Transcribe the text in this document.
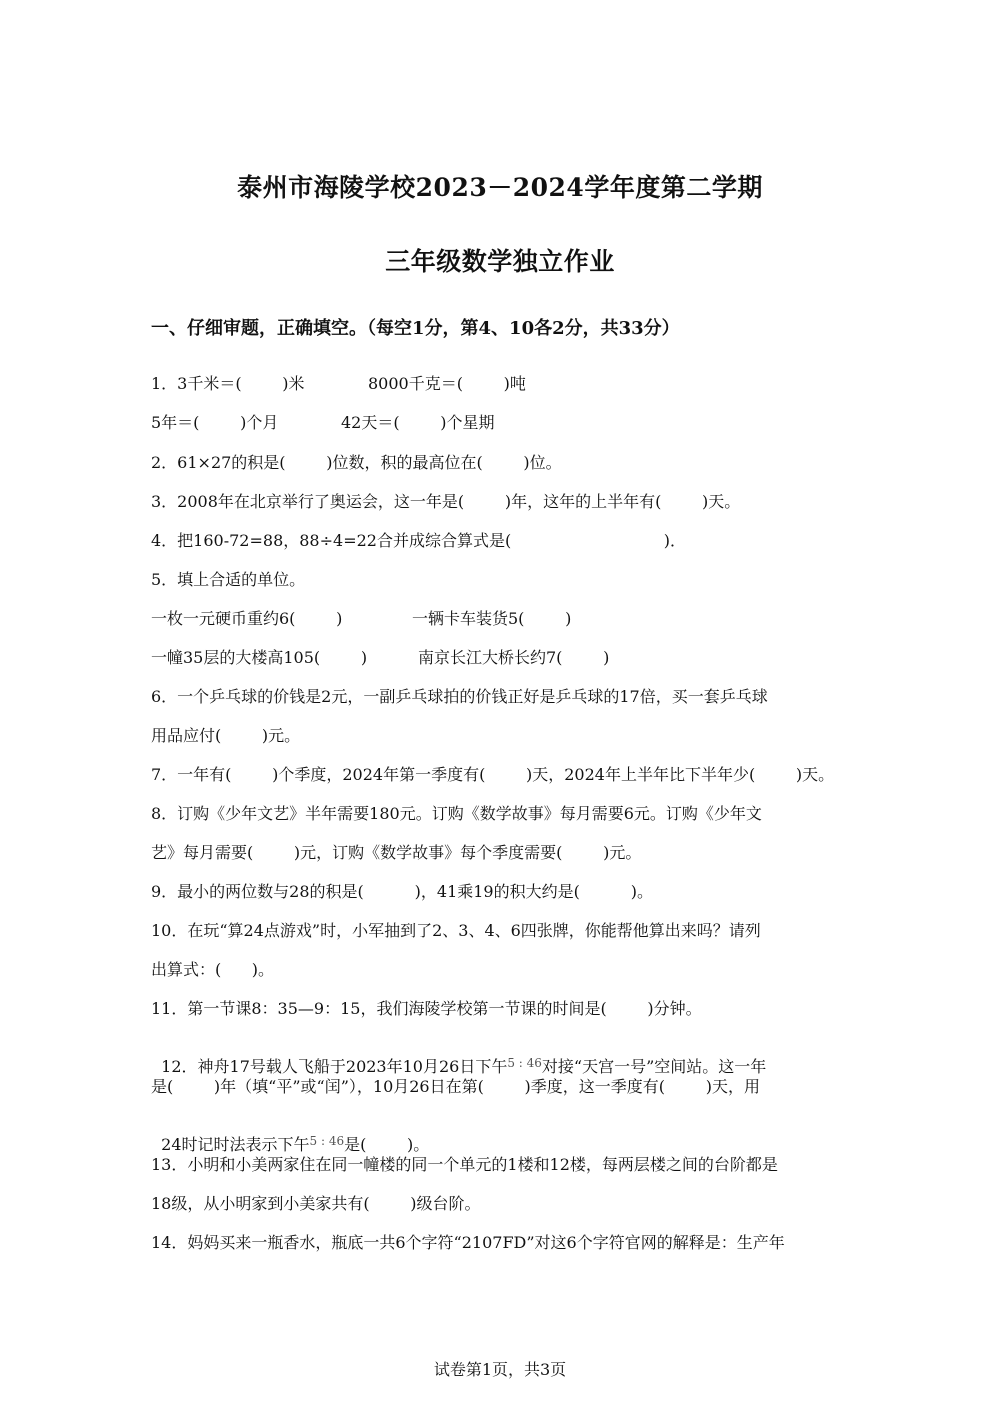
泰州市海陵学校2023－2024学年度第二学期
三年级数学独立作业
一、仔细审题，正确填空。（每空1分，第4、10各2分，共33分）
1．3千米＝(        )米	8000千克＝(        )吨
5年＝(        )个月	42天＝(        )个星期
2．61×27的积是(        )位数，积的最高位在(        )位。
3．2008年在北京举行了奥运会，这一年是(        )年，这年的上半年有(        )天。
4．把160-72=88，88÷4=22合并成综合算式是(                              )．
5．填上合适的单位。
一枚一元硬币重约6(        )	一辆卡车装货5(        )
一幢35层的大楼高105(        )	南京长江大桥长约7(        )
6．一个乒乓球的价钱是2元，一副乒乓球拍的价钱正好是乒乓球的17倍，买一套乒乓球
用品应付(        )元。
7．一年有(        )个季度，2024年第一季度有(        )天，2024年上半年比下半年少(        )天。
8．订购《少年文艺》半年需要180元。订购《数学故事》每月需要6元。订购《少年文
艺》每月需要(        )元，订购《数学故事》每个季度需要(        )元。
9．最小的两位数与28的积是(          )，41乘19的积大约是(          )。
10．在玩“算24点游戏”时，小军抽到了2、3、4、6四张牌，你能帮他算出来吗？请列
出算式：(      )。
11．第一节课8：35—9：15，我们海陵学校第一节课的时间是(        )分钟。

12．神舟17号载人飞船于2023年10月26日下午$^{5 : 46}$对接“天宫一号”空间站。这一年

是(        )年（填“平”或“闰”），10月26日在第(        )季度，这一季度有(        )天，用

24时记时法表示下午$^{5 : 46}$是(        )。

13．小明和小美两家住在同一幢楼的同一个单元的1楼和12楼，每两层楼之间的台阶都是
18级，从小明家到小美家共有(        )级台阶。
14．妈妈买来一瓶香水，瓶底一共6个字符“2107FD”对这6个字符官网的解释是：生产年
试卷第1页，共3页
